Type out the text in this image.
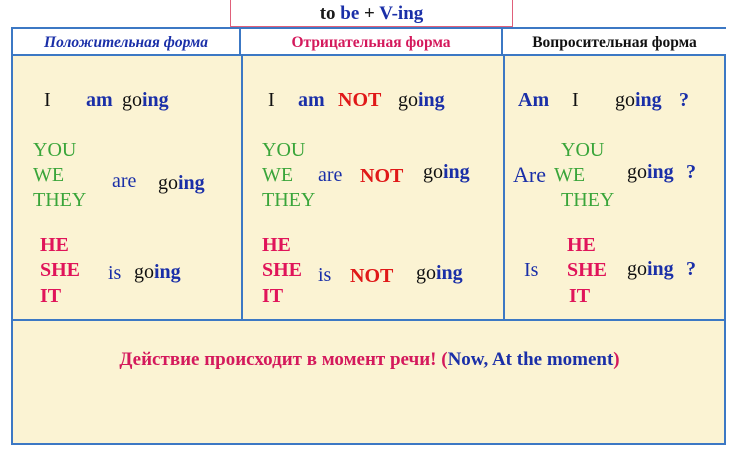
to be + V-ing
Положительная форма	Отрицательная форма	Вопросительная форма
I am going
YOU
WE
THEY
are going
HE
SHE
IT
is going
I am NOT going
YOU
WE
THEY
are NOT going
HE
SHE
IT
is NOT going
Am I going ?
Are
YOU
WE
THEY
going ?
Is
HE
SHE
IT
going ?
Действие происходит в момент речи! (Now, At the moment)
